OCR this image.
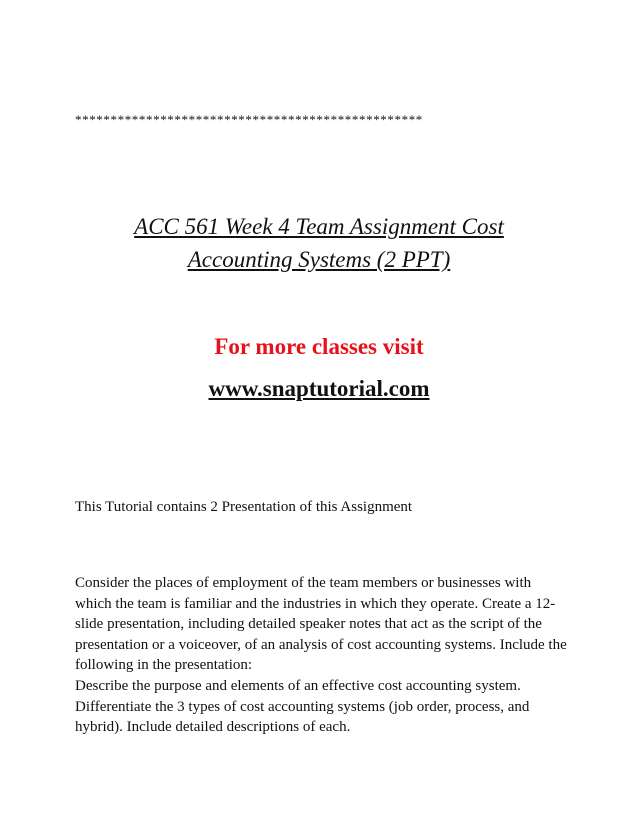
*************************************************
ACC 561 Week 4 Team Assignment Cost
Accounting Systems (2 PPT)
For more classes visit
www.snaptutorial.com
This Tutorial contains 2 Presentation of this Assignment

Consider the places of employment of the team members or businesses with which the team is familiar and the industries in which they operate. Create a 12-slide presentation, including detailed speaker notes that act as the script of the presentation or a voiceover, of an analysis of cost accounting systems. Include the following in the presentation:

Describe the purpose and elements of an effective cost accounting system.

Differentiate the 3 types of cost accounting systems (job order, process, and hybrid). Include detailed descriptions of each.
